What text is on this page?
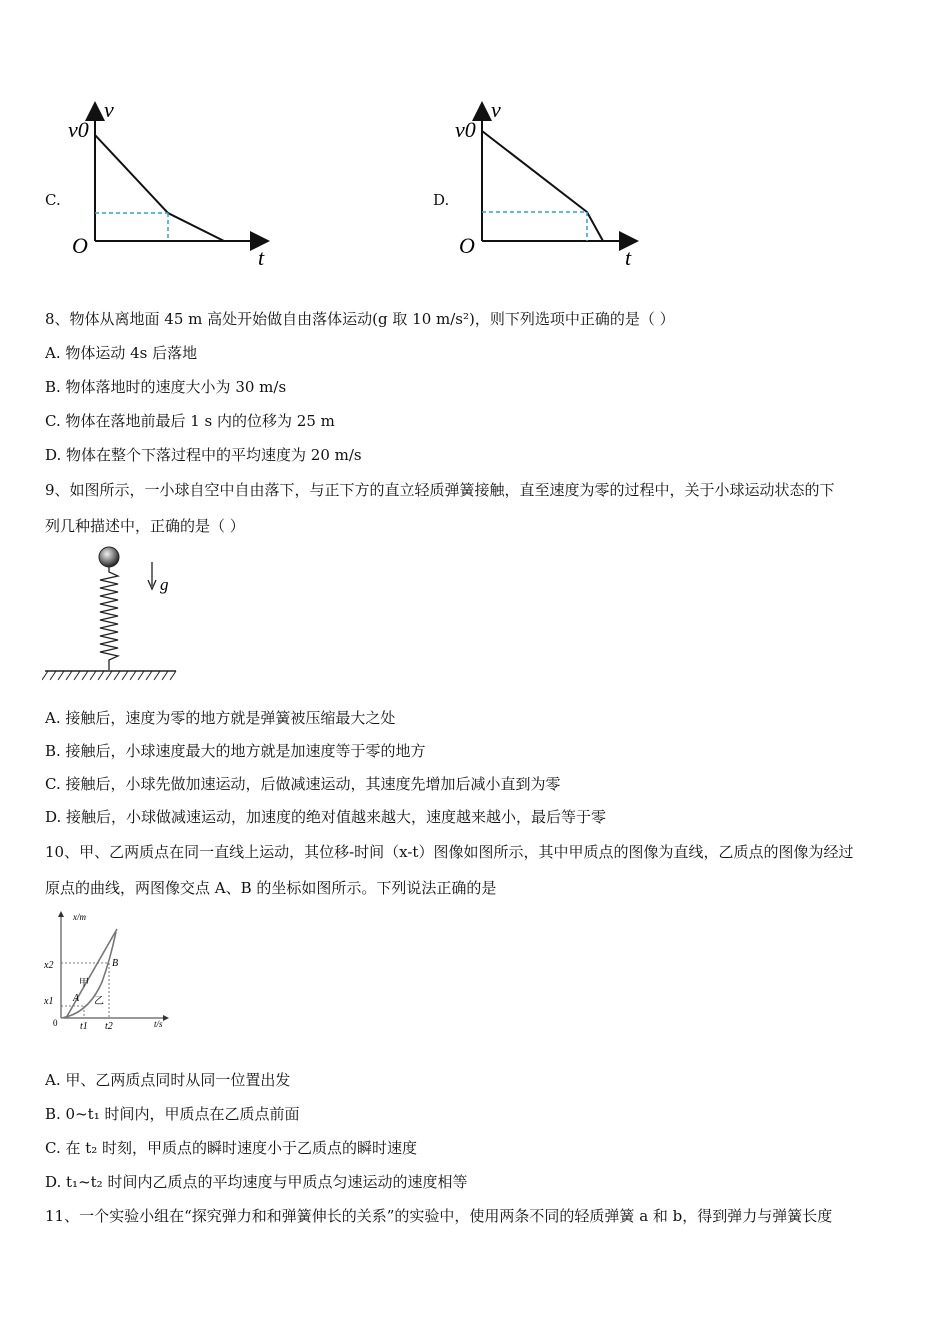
C.
v
v0
O	t
D.
v
v0
O	t
8、物体从离地面 45 m 高处开始做自由落体运动(g 取 10 m/s²)，则下列选项中正确的是（ ）
A. 物体运动 4s 后落地
B. 物体落地时的速度大小为 30 m/s
C. 物体在落地前最后 1 s 内的位移为 25 m
D. 物体在整个下落过程中的平均速度为 20 m/s
9、如图所示，一小球自空中自由落下，与正下方的直立轻质弹簧接触，直至速度为零的过程中，关于小球运动状态的下
列几种描述中，正确的是（ ）
g
A. 接触后，速度为零的地方就是弹簧被压缩最大之处
B. 接触后，小球速度最大的地方就是加速度等于零的地方
C. 接触后，小球先做加速运动，后做减速运动，其速度先增加后减小直到为零
D. 接触后，小球做减速运动，加速度的绝对值越来越大，速度越来越小，最后等于零
10、甲、乙两质点在同一直线上运动，其位移-时间（x-t）图像如图所示，其中甲质点的图像为直线，乙质点的图像为经过
原点的曲线，两图像交点 A、B 的坐标如图所示。下列说法正确的是
x/m
t/s
0
x2
x1
t1 t2
A
B
甲
乙
A. 甲、乙两质点同时从同一位置出发
B. 0~t₁ 时间内，甲质点在乙质点前面
C. 在 t₂ 时刻，甲质点的瞬时速度小于乙质点的瞬时速度
D. t₁~t₂ 时间内乙质点的平均速度与甲质点匀速运动的速度相等
11、一个实验小组在“探究弹力和和弹簧伸长的关系”的实验中，使用两条不同的轻质弹簧 a 和 b，得到弹力与弹簧长度
